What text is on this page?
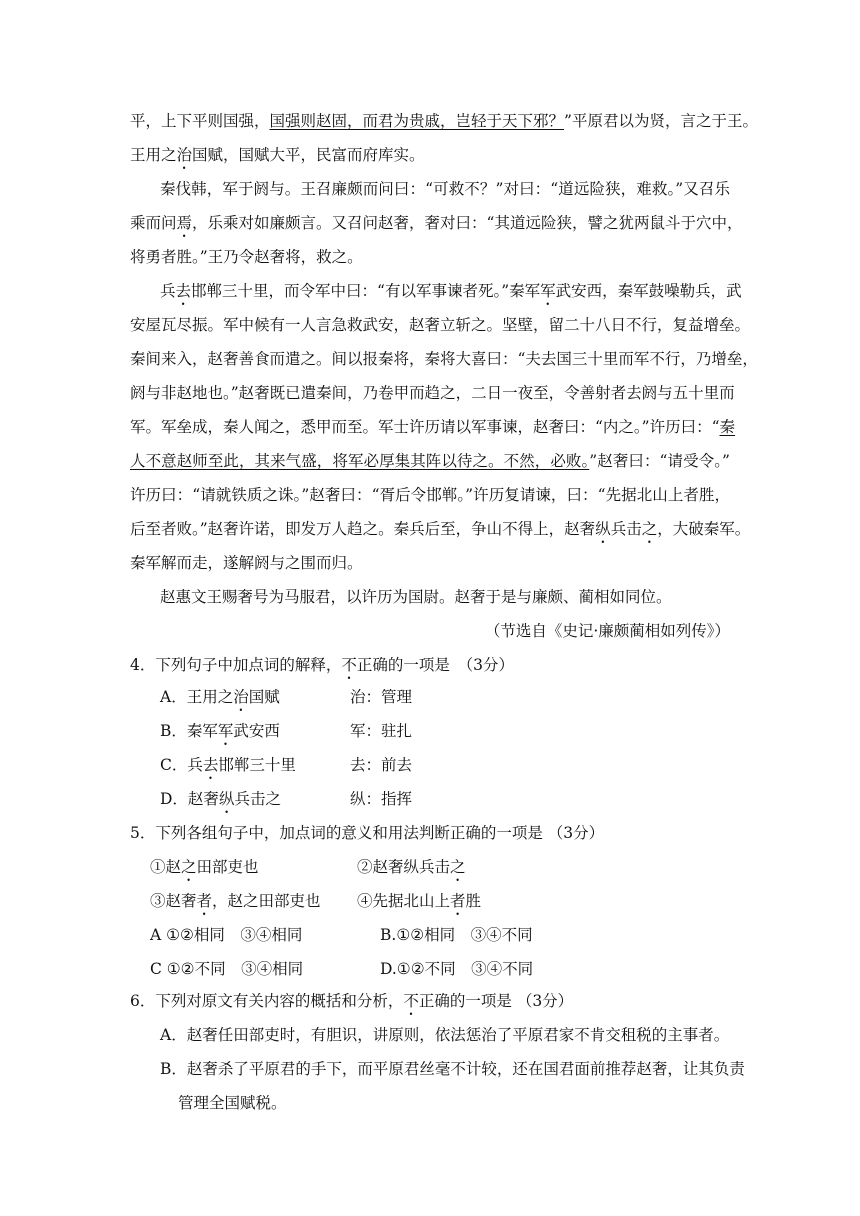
平，上下平则国强，国强则赵固，而君为贵戚，岂轻于天下邪？”平原君以为贤，言之于王。
王用之治国赋，国赋大平，民富而府库实。
秦伐韩，军于阏与。王召廉颇而问曰：“可救不？”对曰：“道远险狭，难救。”又召乐
乘而问焉，乐乘对如廉颇言。又召问赵奢，奢对曰：“其道远险狭，譬之犹两鼠斗于穴中，
将勇者胜。”王乃令赵奢将，救之。
兵去邯郸三十里，而令军中曰：“有以军事谏者死。”秦军军武安西，秦军鼓噪勒兵，武
安屋瓦尽振。军中候有一人言急救武安，赵奢立斩之。坚壁，留二十八日不行，复益增垒。
秦间来入，赵奢善食而遣之。间以报秦将，秦将大喜曰：“夫去国三十里而军不行，乃增垒，
阏与非赵地也。”赵奢既已遣秦间，乃卷甲而趋之，二日一夜至，令善射者去阏与五十里而
军。军垒成，秦人闻之，悉甲而至。军士许历请以军事谏，赵奢曰：“内之。”许历曰：“秦
人不意赵师至此，其来气盛，将军必厚集其阵以待之。不然，必败。”赵奢曰：“请受令。”
许历曰：“请就铁质之诛。”赵奢曰：“胥后令邯郸。”许历复请谏，曰：“先据北山上者胜，
后至者败。”赵奢许诺，即发万人趋之。秦兵后至，争山不得上，赵奢纵兵击之，大破秦军。
秦军解而走，遂解阏与之围而归。
赵惠文王赐奢号为马服君，以许历为国尉。赵奢于是与廉颇、蔺相如同位。
（节选自《史记·廉颇蔺相如列传》）
4．下列句子中加点词的解释，不正确的一项是　（3分）
A．王用之治国赋	治：管理
B．秦军军武安西	军：驻扎
C．兵去邯郸三十里	去：前去
D．赵奢纵兵击之	纵：指挥
5．下列各组句子中，加点词的意义和用法判断正确的一项是 （3分）
①赵之田部吏也	②赵奢纵兵击之
③赵奢者，赵之田部吏也 ④先据北山上者胜
A ①②相同　③④相同	B.①②相同　③④不同
C ①②不同　③④相同	D.①②不同　③④不同
6．下列对原文有关内容的概括和分析，不正确的一项是 （3分）
A．赵奢任田部吏时，有胆识，讲原则，依法惩治了平原君家不肯交租税的主事者。
B．赵奢杀了平原君的手下，而平原君丝毫不计较，还在国君面前推荐赵奢，让其负责
管理全国赋税。
